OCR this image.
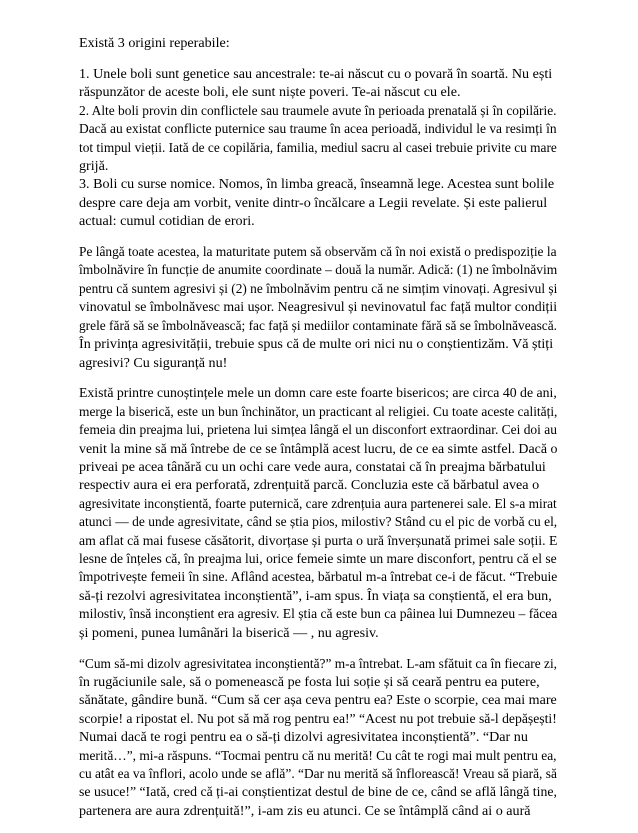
Există 3 origini reperabile:

1. Unele boli sunt genetice sau ancestrale: te-ai născut cu o povară în soartă. Nu ești
răspunzător de aceste boli, ele sunt niște poveri. Te-ai născut cu ele.
2. Alte boli provin din conflictele sau traumele avute în perioada prenatală și în copilărie.
Dacă au existat conflicte puternice sau traume în acea perioadă, individul le va resimți în
tot timpul vieții. Iată de ce copilăria, familia, mediul sacru al casei trebuie privite cu mare
grijă.
3. Boli cu surse nomice. Nomos, în limba greacă, înseamnă lege. Acestea sunt bolile
despre care deja am vorbit, venite dintr-o încălcare a Legii revelate. Și este palierul
actual: cumul cotidian de erori.

Pe lângă toate acestea, la maturitate putem să observăm că în noi există o predispoziție la
îmbolnăvire în funcție de anumite coordinate – două la număr. Adică: (1) ne îmbolnăvim
pentru că suntem agresivi și (2) ne îmbolnăvim pentru că ne simțim vinovați. Agresivul și
vinovatul se îmbolnăvesc mai ușor. Neagresivul și nevinovatul fac față multor condiții
grele fără să se îmbolnăvească; fac față și mediilor contaminate fără să se îmbolnăvească.
În privința agresivității, trebuie spus că de multe ori nici nu o conștientizăm. Vă știți
agresivi? Cu siguranță nu!

Există printre cunoștințele mele un domn care este foarte bisericos; are circa 40 de ani,
merge la biserică, este un bun închinător, un practicant al religiei. Cu toate aceste calități,
femeia din preajma lui, prietena lui simțea lângă el un disconfort extraordinar. Cei doi au
venit la mine să mă întrebe de ce se întâmplă acest lucru, de ce ea simte astfel. Dacă o
priveai pe acea tânără cu un ochi care vede aura, constatai că în preajma bărbatului
respectiv aura ei era perforată, zdrențuită parcă. Concluzia este că bărbatul avea o
agresivitate inconștientă, foarte puternică, care zdrențuia aura partenerei sale. El s-a mirat
atunci — de unde agresivitate, când se știa pios, milostiv? Stând cu el pic de vorbă cu el,
am aflat că mai fusese căsătorit, divorțase și purta o ură înverșunată primei sale soții. E
lesne de înțeles că, în preajma lui, orice femeie simte un mare disconfort, pentru că el se
împotrivește femeii în sine. Aflând acestea, bărbatul m-a întrebat ce-i de făcut. “Trebuie
să-ți rezolvi agresivitatea inconștientă”, i-am spus. În viața sa conștientă, el era bun,
milostiv, însă inconștient era agresiv. El știa că este bun ca pâinea lui Dumnezeu – făcea
și pomeni, punea lumânări la biserică — , nu agresiv.

“Cum să-mi dizolv agresivitatea inconștientă?” m-a întrebat. L-am sfătuit ca în fiecare zi,
în rugăciunile sale, să o pomenească pe fosta lui soție și să ceară pentru ea putere,
sănătate, gândire bună. “Cum să cer așa ceva pentru ea? Este o scorpie, cea mai mare
scorpie! a ripostat el. Nu pot să mă rog pentru ea!” “Acest nu pot trebuie să-l depășești!
Numai dacă te rogi pentru ea o să-ți dizolvi agresivitatea inconștientă”. “Dar nu
merită…”, mi-a răspuns. “Tocmai pentru că nu merită! Cu cât te rogi mai mult pentru ea,
cu atât ea va înflori, acolo unde se află”. “Dar nu merită să înflorească! Vreau să piară, să
se usuce!” “Iată, cred că ți-ai conștientizat destul de bine de ce, când se află lângă tine,
partenera are aura zdrențuită!”, i-am zis eu atunci. Ce se întâmplă când ai o aură
